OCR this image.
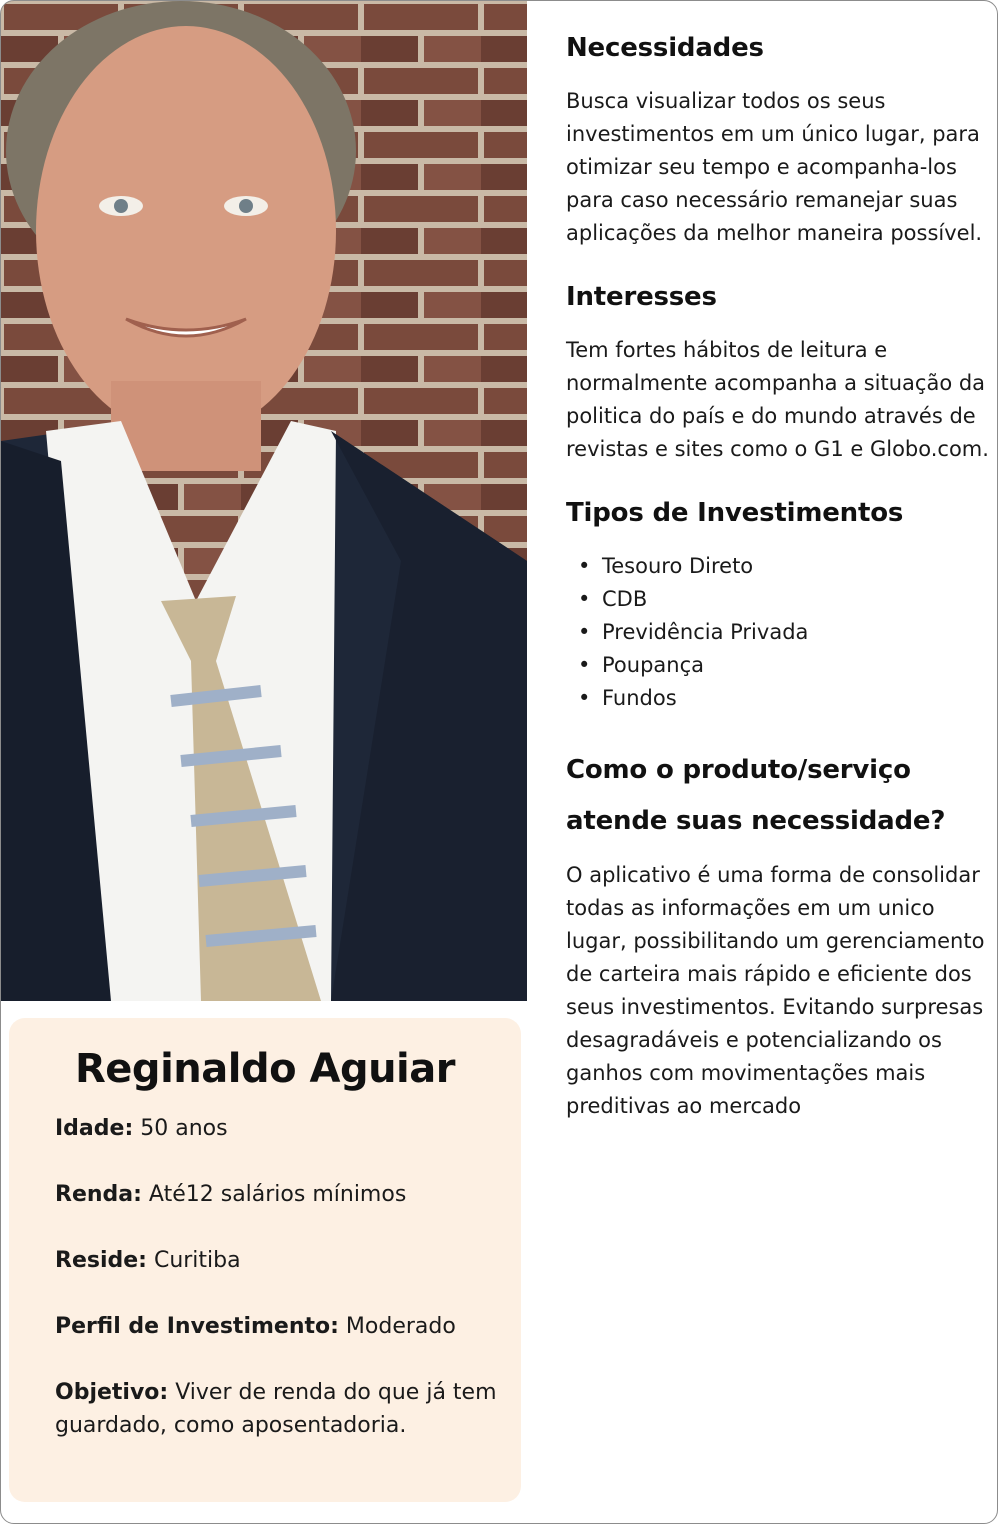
Reginaldo Aguiar
Idade: 50 anos
Renda: Até12 salários mínimos
Reside: Curitiba
Perfil de Investimento: Moderado
Objetivo: Viver de renda do que já tem guardado, como aposentadoria.
Necessidades
Busca visualizar todos os seus investimentos em um único lugar, para otimizar seu tempo e acompanha-los para caso necessário remanejar suas aplicações da melhor maneira possível.
Interesses
Tem fortes hábitos de leitura e normalmente acompanha a situação da politica do país e do mundo através de revistas e sites como o G1 e Globo.com.
Tipos de Investimentos
• Tesouro Direto
• CDB
• Previdência Privada
• Poupança
• Fundos
Como o produto/serviço atende suas necessidade?
O aplicativo é uma forma de consolidar todas as informações em um unico lugar, possibilitando um gerenciamento de carteira mais rápido e eficiente dos seus investimentos. Evitando surpresas desagradáveis e potencializando os ganhos com movimentações mais preditivas ao mercado
